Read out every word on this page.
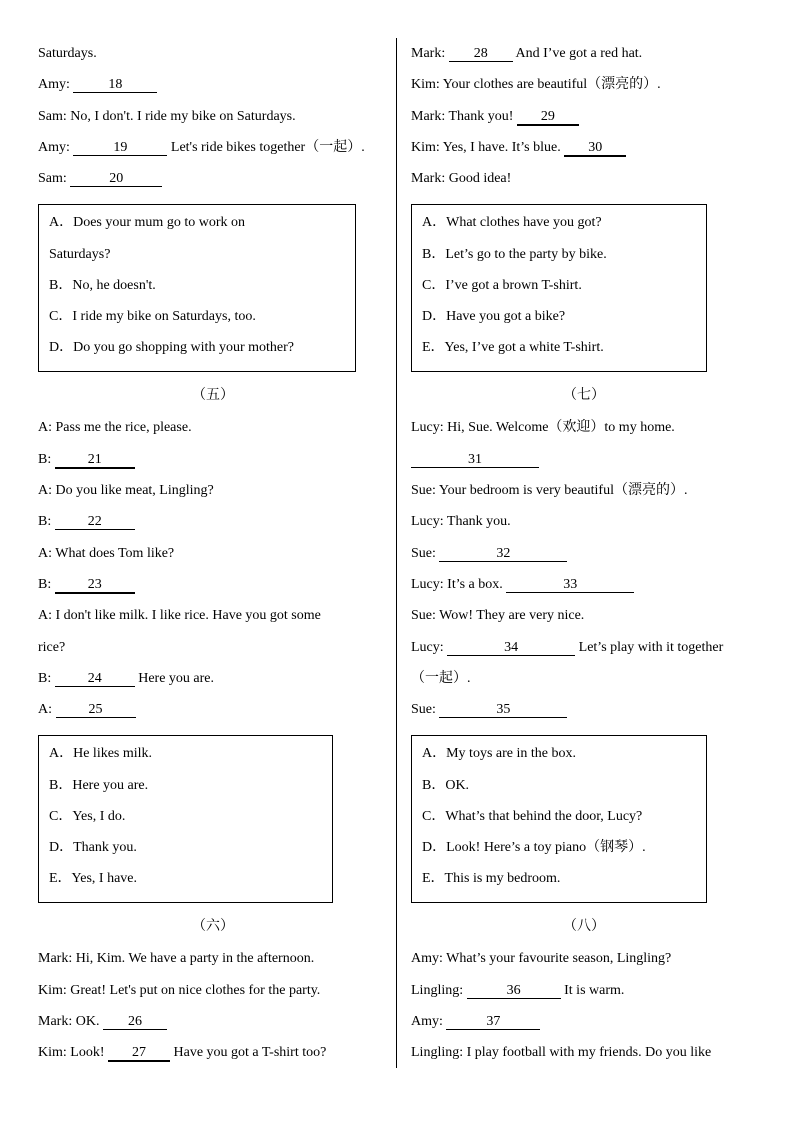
Saturdays.
Amy:	18
Sam: No, I don't. I ride my bike on Saturdays.
Amy:	19	Let's ride bikes together（一起）.
Sam:	20
A．Does your mum go to work on
Saturdays?
B．No, he doesn't.
C．I ride my bike on Saturdays, too.
D．Do you go shopping with your mother?
（五）
A: Pass me the rice, please.
B:	21
A: Do you like meat, Lingling?
B:	22
A: What does Tom like?
B:	23
A: I don't like milk. I like rice. Have you got some
rice?
B:	24	Here you are.
A:	25
A．He likes milk.
B．Here you are.
C．Yes, I do.
D．Thank you.
E．Yes, I have.
（六）
Mark: Hi, Kim. We have a party in the afternoon.
Kim: Great! Let's put on nice clothes for the party.
Mark: OK. 26
Kim: Look! 27 Have you got a T-shirt too?
Mark: 28 And I’ve got a red hat.
Kim: Your clothes are beautiful（漂亮的）.
Mark: Thank you! 29
Kim: Yes, I have. It’s blue. 30
Mark: Good idea!
A．What clothes have you got?
B．Let’s go to the party by bike.
C．I’ve got a brown T-shirt.
D．Have you got a bike?
E．Yes, I’ve got a white T-shirt.
（七）
Lucy: Hi, Sue. Welcome（欢迎）to my home.
31
Sue: Your bedroom is very beautiful（漂亮的）.
Lucy: Thank you.
Sue:	32
Lucy: It’s a box.	33
Sue: Wow! They are very nice.
Lucy:	34	Let’s play with it together
（一起）.
Sue:	35
A．My toys are in the box.
B．OK.
C．What’s that behind the door, Lucy?
D．Look! Here’s a toy piano（钢琴）.
E．This is my bedroom.
（八）
Amy: What’s your favourite season, Lingling?
Lingling:	36	It is warm.
Amy:	37
Lingling: I play football with my friends. Do you like
